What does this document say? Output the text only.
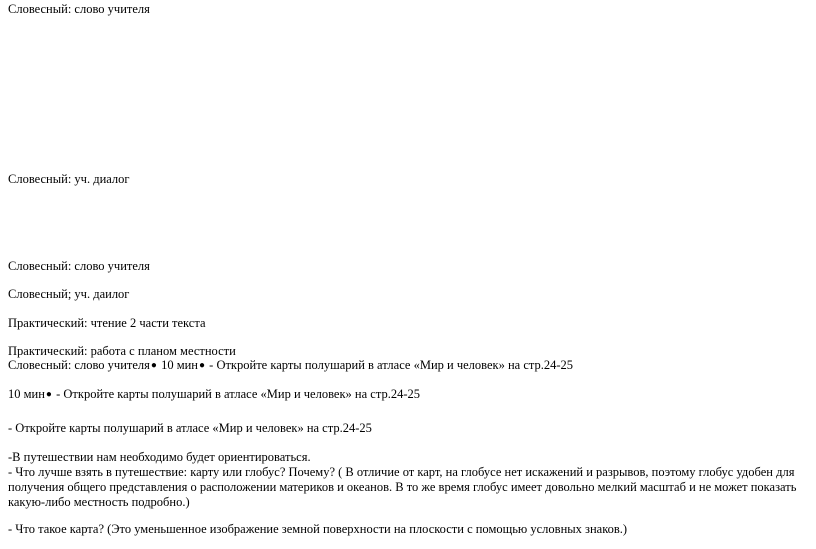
Словесный: слово учителя
Словесный: уч. диалог
Словесный: слово учителя
Словесный; уч. даилог
Практический: чтение 2 части текста
Практический: работа с планом местности
Словесный: слово учителя● 10 мин● - Откройте карты полушарий в атласе «Мир и человек» на стр.24-25
10 мин● - Откройте карты полушарий в атласе «Мир и человек» на стр.24-25
- Откройте карты полушарий в атласе «Мир и человек» на стр.24-25
-В путешествии нам необходимо будет ориентироваться.
- Что лучше взять в путешествие: карту или глобус? Почему? ( В отличие от карт, на глобусе нет искажений и разрывов, поэтому глобус удобен для
получения общего представления о расположении материков и океанов. В то же время глобус имеет довольно мелкий масштаб и не может показать
какую-либо местность подробно.)
- Что такое карта? (Это уменьшенное изображение земной поверхности на плоскости с помощью условных знаков.)
